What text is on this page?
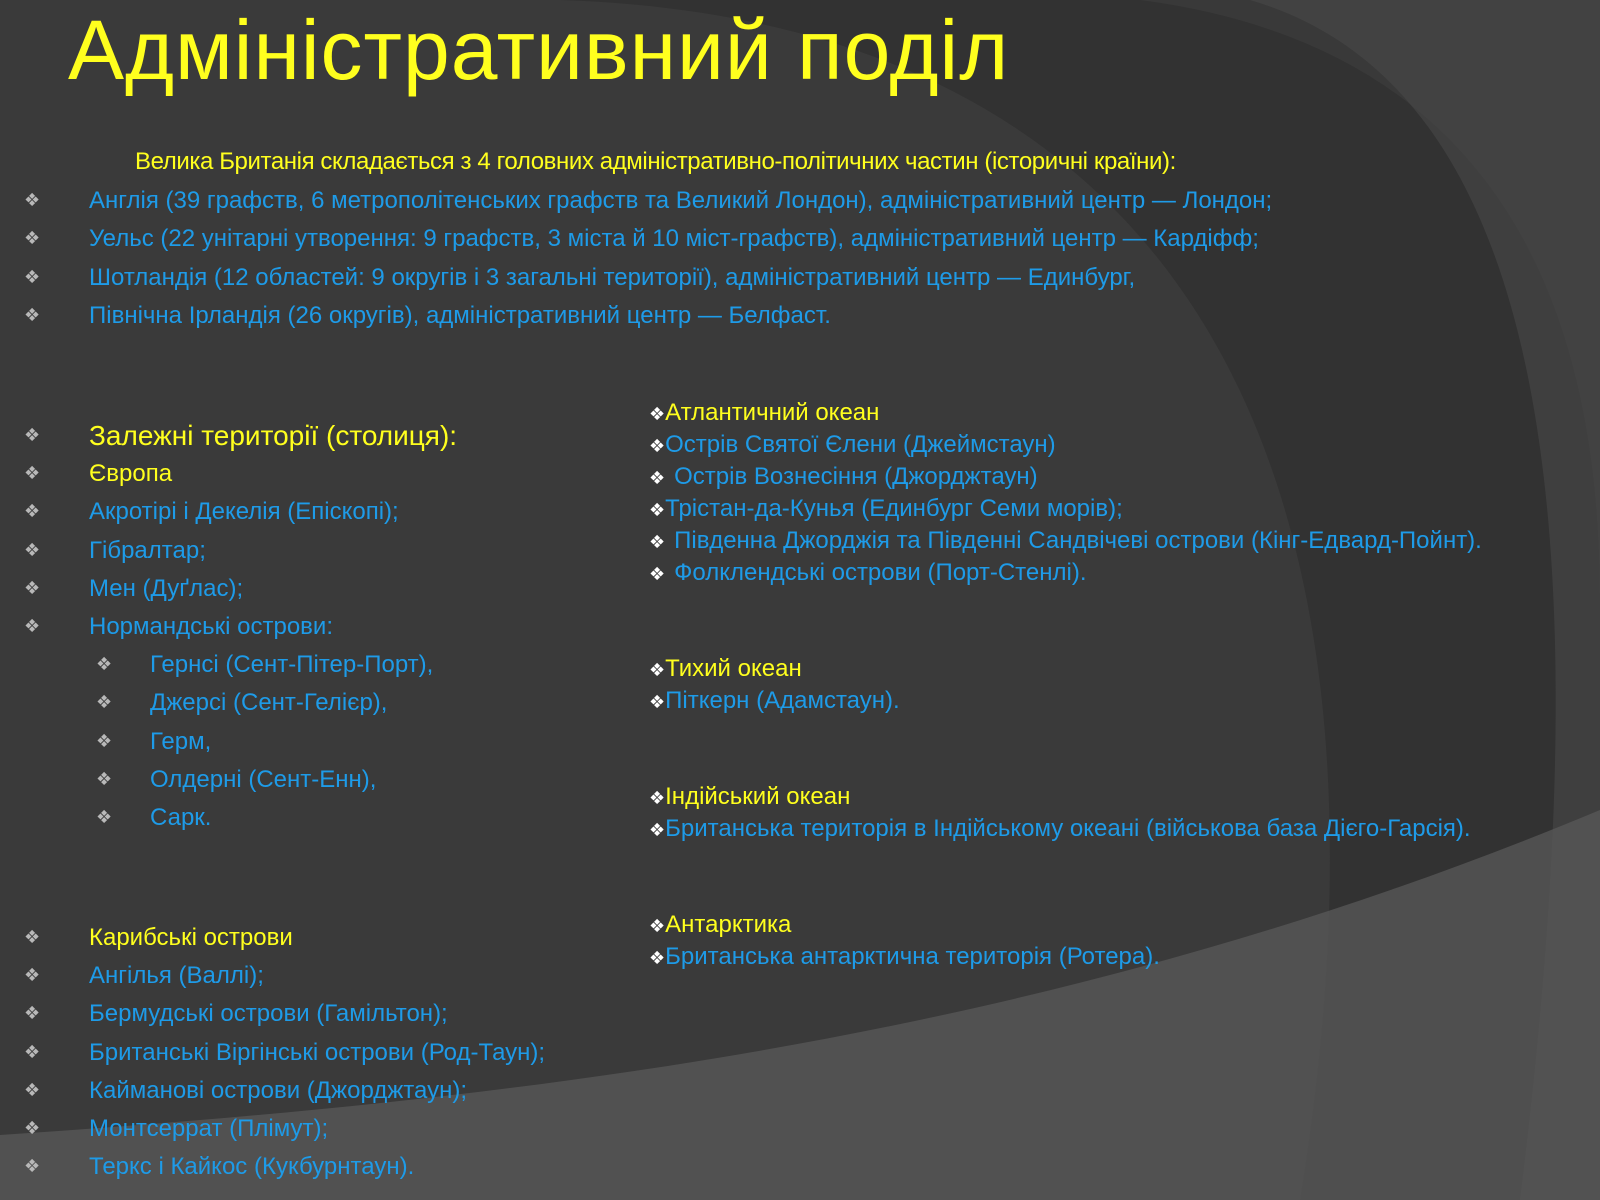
Адміністративний поділ
Велика Британія складається з 4 головних адміністративно-політичних частин (історичні країни):
❖ Англія (39 графств, 6 метрополітенських графств та Великий Лондон), адміністративний центр — Лондон;
❖ Уельс (22 унітарні утворення: 9 графств, 3 міста й 10 міст-графств), адміністративний центр — Кардіфф;
❖ Шотландія (12 областей: 9 округів і 3 загальні території), адміністративний центр — Единбург,
❖ Північна Ірландія (26 округів), адміністративний центр — Белфаст.
❖ Залежні території (столиця):
❖ Європа
❖ Акротірі і Декелія (Епіскопі);
❖ Гібралтар;
❖ Мен (Дуґлас);
❖ Нормандські острови:
❖ Гернсі (Сент-Пітер-Порт),
❖ Джерсі (Сент-Гелієр),
❖ Герм,
❖ Олдерні (Сент-Енн),
❖ Сарк.
❖ Карибські острови
❖ Ангілья (Валлі);
❖ Бермудські острови (Гамільтон);
❖ Британські Віргінські острови (Род-Таун);
❖ Кайманові острови (Джорджтаун);
❖ Монтсеррат (Плімут);
❖ Теркс і Кайкос (Кукбурнтаун).
❖Атлантичний океан
❖Острів Святої Єлени (Джеймстаун)
❖ Острів Вознесіння (Джорджтаун)
❖Трістан-да-Кунья (Единбург Семи морів);
❖ Південна Джорджія та Південні Сандвічеві острови (Кінг-Едвард-Пойнт).
❖ Фолклендські острови (Порт-Стенлі).
❖Тихий океан
❖Піткерн (Адамстаун).
❖Індійський океан
❖Британська територія в Індійському океані (військова база Дієго-Гарсія).
❖Антарктика
❖Британська антарктична територія (Ротера).
